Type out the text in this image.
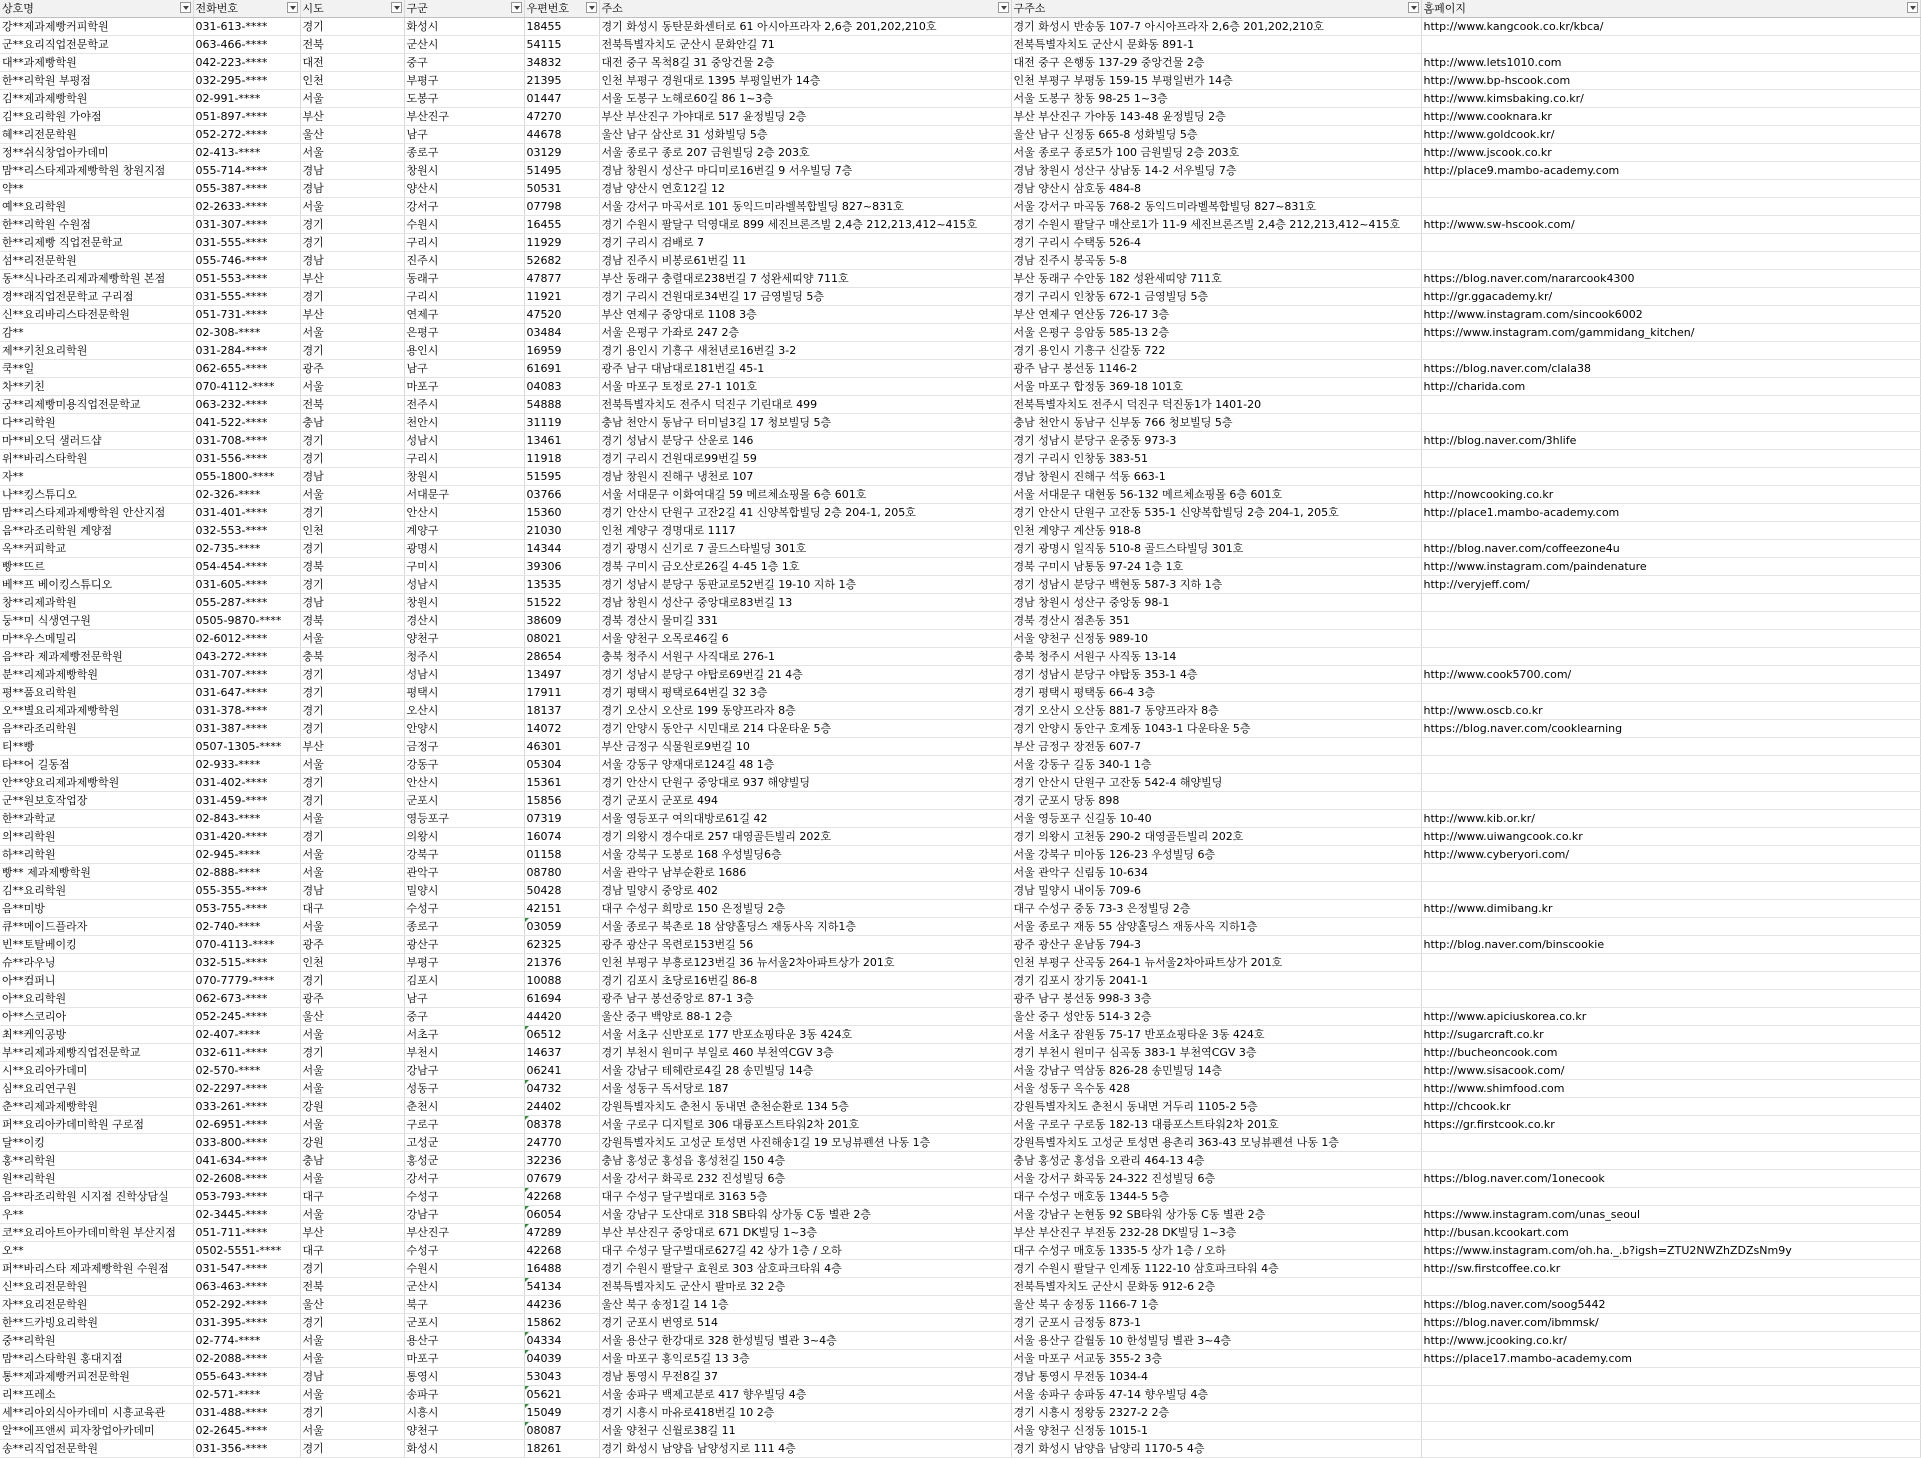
상호명	전화번호	시도	구군	우편번호	주소	구주소	홈페이지

강**제과제빵커피학원	031-613-****	경기	화성시	18455	경기 화성시 동탄문화센터로 61 아시아프라자 2,6층 201,202,210호	경기 화성시 반송동 107-7 아시아프라자 2,6층 201,202,210호	http://www.kangcook.co.kr/kbca/
군**요리직업전문학교	063-466-****	전북	군산시	54115	전북특별자치도 군산시 문화안길 71	전북특별자치도 군산시 문화동 891-1	
대**과제빵학원	042-223-****	대전	중구	34832	대전 중구 목척8길 31 중앙건물 2층	대전 중구 은행동 137-29 중앙건물 2층	http://www.lets1010.com
한**리학원 부평점	032-295-****	인천	부평구	21395	인천 부평구 경원대로 1395 부평일번가 14층	인천 부평구 부평동 159-15 부평일번가 14층	http://www.bp-hscook.com
김**제과제빵학원	02-991-****	서울	도봉구	01447	서울 도봉구 노해로60길 86 1~3층	서울 도봉구 창동 98-25 1~3층	http://www.kimsbaking.co.kr/
김**요리학원 가야점	051-897-****	부산	부산진구	47270	부산 부산진구 가야대로 517 윤정빌딩 2층	부산 부산진구 가야동 143-48 윤정빌딩 2층	http://www.cooknara.kr
혜**리전문학원	052-272-****	울산	남구	44678	울산 남구 삼산로 31 성화빌딩 5층	울산 남구 신정동 665-8 성화빌딩 5층	http://www.goldcook.kr/
정**쉬식창업아카데미	02-413-****	서울	종로구	03129	서울 종로구 종로 207 금원빌딩 2층 203호	서울 종로구 종로5가 100 금원빌딩 2층 203호	http://www.jscook.co.kr
맘**리스타제과제빵학원 창원지점	055-714-****	경남	창원시	51495	경남 창원시 성산구 마디미로16번길 9 서우빌딩 7층	경남 창원시 성산구 상남동 14-2 서우빌딩 7층	http://place9.mambo-academy.com
약**	055-387-****	경남	양산시	50531	경남 양산시 연호12길 12	경남 양산시 삼호동 484-8	
예**요리학원	02-2633-****	서울	강서구	07798	서울 강서구 마곡서로 101 동익드미라벨복합빌딩 827~831호	서울 강서구 마곡동 768-2 동익드미라벨복합빌딩 827~831호	
한**리학원 수원점	031-307-****	경기	수원시	16455	경기 수원시 팔달구 덕영대로 899 세진브론즈빌 2,4층 212,213,412~415호	경기 수원시 팔달구 매산로1가 11-9 세진브론즈빌 2,4층 212,213,412~415호	http://www.sw-hscook.com/
한**리제빵 직업전문학교	031-555-****	경기	구리시	11929	경기 구리시 검배로 7	경기 구리시 수택동 526-4	
섬**리전문학원	055-746-****	경남	진주시	52682	경남 진주시 비봉로61번길 11	경남 진주시 봉곡동 5-8	
동**식나라조리제과제빵학원 본점	051-553-****	부산	동래구	47877	부산 동래구 충렬대로238번길 7 성완세띠양 711호	부산 동래구 수안동 182 성완세띠양 711호	https://blog.naver.com/nararcook4300
경**래직업전문학교 구리점	031-555-****	경기	구리시	11921	경기 구리시 건원대로34번길 17 금영빌딩 5층	경기 구리시 인창동 672-1 금영빌딩 5층	http://gr.ggacademy.kr/
신**요리바리스타전문학원	051-731-****	부산	연제구	47520	부산 연제구 중앙대로 1108 3층	부산 연제구 연산동 726-17 3층	http://www.instagram.com/sincook6002
감**	02-308-****	서울	은평구	03484	서울 은평구 가좌로 247 2층	서울 은평구 응암동 585-13 2층	https://www.instagram.com/gammidang_kitchen/
제**키친요리학원	031-284-****	경기	용인시	16959	경기 용인시 기흥구 새천년로16번길 3-2	경기 용인시 기흥구 신갈동 722	
쿡**일	062-655-****	광주	남구	61691	광주 남구 대남대로181번길 45-1	광주 남구 봉선동 1146-2	https://blog.naver.com/clala38
차**키친	070-4112-****	서울	마포구	04083	서울 마포구 토정로 27-1 101호	서울 마포구 합정동 369-18 101호	http://charida.com
궁**리제빵미용직업전문학교	063-232-****	전북	전주시	54888	전북특별자치도 전주시 덕진구 기린대로 499	전북특별자치도 전주시 덕진구 덕진동1가 1401-20	
다**리학원	041-522-****	충남	천안시	31119	충남 천안시 동남구 터미널3길 17 청보빌딩 5층	충남 천안시 동남구 신부동 766 청보빌딩 5층	
마**비오딕 샐러드샵	031-708-****	경기	성남시	13461	경기 성남시 분당구 산운로 146	경기 성남시 분당구 운중동 973-3	http://blog.naver.com/3hlife
위**바리스타학원	031-556-****	경기	구리시	11918	경기 구리시 건원대로99번길 59	경기 구리시 인창동 383-51	
자**	055-1800-****	경남	창원시	51595	경남 창원시 진해구 냉천로 107	경남 창원시 진해구 석동 663-1	
나**킹스튜디오	02-326-****	서울	서대문구	03766	서울 서대문구 이화여대길 59 메르체쇼핑몰 6층 601호	서울 서대문구 대현동 56-132 메르체쇼핑몰 6층 601호	http://nowcooking.co.kr
맘**리스타제과제빵학원 안산지점	031-401-****	경기	안산시	15360	경기 안산시 단원구 고잔2길 41 신양복합빌딩 2층 204-1, 205호	경기 안산시 단원구 고잔동 535-1 신양복합빌딩 2층 204-1, 205호	http://place1.mambo-academy.com
음**라조리학원 계양점	032-553-****	인천	계양구	21030	인천 계양구 경명대로 1117	인천 계양구 계산동 918-8	
옥**커피학교	02-735-****	경기	광명시	14344	경기 광명시 신기로 7 골드스타빌딩 301호	경기 광명시 일직동 510-8 골드스타빌딩 301호	http://blog.naver.com/coffeezone4u
빵**뜨르	054-454-****	경북	구미시	39306	경북 구미시 금오산로26길 4-45 1층 1호	경북 구미시 남통동 97-24 1층 1호	http://www.instagram.com/paindenature
베**프 베이킹스튜디오	031-605-****	경기	성남시	13535	경기 성남시 분당구 동판교로52번길 19-10 지하 1층	경기 성남시 분당구 백현동 587-3 지하 1층	http://veryjeff.com/
창**리제과학원	055-287-****	경남	창원시	51522	경남 창원시 성산구 중앙대로83번길 13	경남 창원시 성산구 중앙동 98-1	
둥**미 식생연구원	0505-9870-****	경북	경산시	38609	경북 경산시 물미길 331	경북 경산시 점촌동 351	
마**우스메밀리	02-6012-****	서울	양천구	08021	서울 양천구 오목로46길 6	서울 양천구 신정동 989-10	
음**라 제과제빵전문학원	043-272-****	충북	청주시	28654	충북 청주시 서원구 사직대로 276-1	충북 청주시 서원구 사직동 13-14	
분**리제과제빵학원	031-707-****	경기	성남시	13497	경기 성남시 분당구 야탑로69번길 21 4층	경기 성남시 분당구 야탑동 353-1 4층	http://www.cook5700.com/
평**품요리학원	031-647-****	경기	평택시	17911	경기 평택시 평택로64번길 32 3층	경기 평택시 평택동 66-4 3층	
오**별요리제과제빵학원	031-378-****	경기	오산시	18137	경기 오산시 오산로 199 동양프라자 8층	경기 오산시 오산동 881-7 동양프라자 8층	http://www.oscb.co.kr
음**라조리학원	031-387-****	경기	안양시	14072	경기 안양시 동안구 시민대로 214 다운타운 5층	경기 안양시 동안구 호계동 1043-1 다운타운 5층	https://blog.naver.com/cooklearning
티**빵	0507-1305-****	부산	금정구	46301	부산 금정구 식물원로9번길 10	부산 금정구 장전동 607-7	
타**어 길동점	02-933-****	서울	강동구	05304	서울 강동구 양재대로124길 48 1층	서울 강동구 길동 340-1 1층	
안**양요리제과제빵학원	031-402-****	경기	안산시	15361	경기 안산시 단원구 중앙대로 937 해양빌딩	경기 안산시 단원구 고잔동 542-4 해양빌딩	
군**원보호작업장	031-459-****	경기	군포시	15856	경기 군포시 군포로 494	경기 군포시 당동 898	
한**과학교	02-843-****	서울	영등포구	07319	서울 영등포구 여의대방로61길 42	서울 영등포구 신길동 10-40	http://www.kib.or.kr/
의**리학원	031-420-****	경기	의왕시	16074	경기 의왕시 경수대로 257 대영골든빌리 202호	경기 의왕시 고천동 290-2 대영골든빌리 202호	http://www.uiwangcook.co.kr
하**리학원	02-945-****	서울	강북구	01158	서울 강북구 도봉로 168 우성빌딩6층	서울 강북구 미아동 126-23 우성빌딩 6층	http://www.cyberyori.com/
빵** 제과제빵학원	02-888-****	서울	관악구	08780	서울 관악구 남부순환로 1686	서울 관악구 신림동 10-634	
김**요리학원	055-355-****	경남	밀양시	50428	경남 밀양시 중앙로 402	경남 밀양시 내이동 709-6	
음**미방	053-755-****	대구	수성구	42151	대구 수성구 희망로 150 은정빌딩 2층	대구 수성구 중동 73-3 은정빌딩 2층	http://www.dimibang.kr
큐**메이드플라자	02-740-****	서울	종로구	03059	서울 종로구 북촌로 18 삼양홀딩스 재동사옥 지하1층	서울 종로구 재동 55 삼양홀딩스 재동사옥 지하1층	
빈**토탈베이킹	070-4113-****	광주	광산구	62325	광주 광산구 목련로153번길 56	광주 광산구 운남동 794-3	http://blog.naver.com/binscookie
슈**라우닝	032-515-****	인천	부평구	21376	인천 부평구 부흥로123번길 36 뉴서울2차아파트상가 201호	인천 부평구 산곡동 264-1 뉴서울2차아파트상가 201호	
아**컴퍼니	070-7779-****	경기	김포시	10088	경기 김포시 초당로16번길 86-8	경기 김포시 장기동 2041-1	
아**요리학원	062-673-****	광주	남구	61694	광주 남구 봉선중앙로 87-1 3층	광주 남구 봉선동 998-3 3층	
아**스코리아	052-245-****	울산	중구	44420	울산 중구 백양로 88-1 2층	울산 중구 성안동 514-3 2층	http://www.apiciuskorea.co.kr
최**케익공방	02-407-****	서울	서초구	06512	서울 서초구 신반포로 177 반포쇼핑타운 3동 424호	서울 서초구 잠원동 75-17 반포쇼핑타운 3동 424호	http://sugarcraft.co.kr
부**리제과제빵직업전문학교	032-611-****	경기	부천시	14637	경기 부천시 원미구 부일로 460 부천역CGV 3층	경기 부천시 원미구 심곡동 383-1 부천역CGV 3층	http://bucheoncook.com
시**요리아카데미	02-570-****	서울	강남구	06241	서울 강남구 테헤란로4길 28 송민빌딩 14층	서울 강남구 역삼동 826-28 송민빌딩 14층	http://www.sisacook.com/
심**요리연구원	02-2297-****	서울	성동구	04732	서울 성동구 독서당로 187	서울 성동구 옥수동 428	http://www.shimfood.com
춘**리제과제빵학원	033-261-****	강원	춘천시	24402	강원특별자치도 춘천시 동내면 춘천순환로 134 5층	강원특별자치도 춘천시 동내면 거두리 1105-2 5층	http://chcook.kr
퍼**요리아카데미학원 구로점	02-6951-****	서울	구로구	08378	서울 구로구 디지털로 306 대륭포스트타워2차 201호	서울 구로구 구로동 182-13 대륭포스트타워2차 201호	https://gr.firstcook.co.kr
달**이킹	033-800-****	강원	고성군	24770	강원특별자치도 고성군 토성면 사진해송1길 19 모닝뷰펜션 나동 1층	강원특별자치도 고성군 토성면 용촌리 363-43 모닝뷰펜션 나동 1층	
홍**리학원	041-634-****	충남	홍성군	32236	충남 홍성군 홍성읍 홍성천길 150 4층	충남 홍성군 홍성읍 오관리 464-13 4층	
원**리학원	02-2608-****	서울	강서구	07679	서울 강서구 화곡로 232 진성빌딩 6층	서울 강서구 화곡동 24-322 진성빌딩 6층	https://blog.naver.com/1onecook
음**라조리학원 시지점 진학상담실	053-793-****	대구	수성구	42268	대구 수성구 달구벌대로 3163 5층	대구 수성구 매호동 1344-5 5층	
우**	02-3445-****	서울	강남구	06054	서울 강남구 도산대로 318 SB타워 상가동 C동 별관 2층	서울 강남구 논현동 92 SB타워 상가동 C동 별관 2층	https://www.instagram.com/unas_seoul
코**요리아트아카데미학원 부산지점	051-711-****	부산	부산진구	47289	부산 부산진구 중앙대로 671 DK빌딩 1~3층	부산 부산진구 부전동 232-28 DK빌딩 1~3층	http://busan.kcookart.com
오**	0502-5551-****	대구	수성구	42268	대구 수성구 달구벌대로627길 42 상가 1층 / 오하	대구 수성구 매호동 1335-5 상가 1층 / 오하	https://www.instagram.com/oh.ha._.b?igsh=ZTU2NWZhZDZsNm9y
퍼**바리스타 제과제빵학원 수원점	031-547-****	경기	수원시	16488	경기 수원시 팔달구 효원로 303 삼호파크타워 4층	경기 수원시 팔달구 인계동 1122-10 삼호파크타워 4층	http://sw.firstcoffee.co.kr
신**요리전문학원	063-463-****	전북	군산시	54134	전북특별자치도 군산시 팔마로 32 2층	전북특별자치도 군산시 문화동 912-6 2층	
자**요리전문학원	052-292-****	울산	북구	44236	울산 북구 송정1길 14 1층	울산 북구 송정동 1166-7 1층	https://blog.naver.com/soog5442
한**드카빙요리학원	031-395-****	경기	군포시	15862	경기 군포시 번영로 514	경기 군포시 금정동 873-1	https://blog.naver.com/ibmmsk/
중**리학원	02-774-****	서울	용산구	04334	서울 용산구 한강대로 328 한성빌딩 별관 3~4층	서울 용산구 갈월동 10 한성빌딩 별관 3~4층	http://www.jcooking.co.kr/
맘**리스타학원 홍대지점	02-2088-****	서울	마포구	04039	서울 마포구 홍익로5길 13 3층	서울 마포구 서교동 355-2 3층	https://place17.mambo-academy.com
통**제과제빵커피전문학원	055-643-****	경남	통영시	53043	경남 통영시 무전8길 37	경남 통영시 무전동 1034-4	
리**프레소	02-571-****	서울	송파구	05621	서울 송파구 백제고분로 417 향우빌딩 4층	서울 송파구 송파동 47-14 향우빌딩 4층	
세**리아외식아카데미 시흥교육관	031-488-****	경기	시흥시	15049	경기 시흥시 마유로418번길 10 2층	경기 시흥시 정왕동 2327-2 2층	
알**에프앤씨 피자창업아카데미	02-2645-****	서울	양천구	08087	서울 양천구 신월로38길 11	서울 양천구 신정동 1015-1	
송**리직업전문학원	031-356-****	경기	화성시	18261	경기 화성시 남양읍 남양성지로 111 4층	경기 화성시 남양읍 남양리 1170-5 4층	
